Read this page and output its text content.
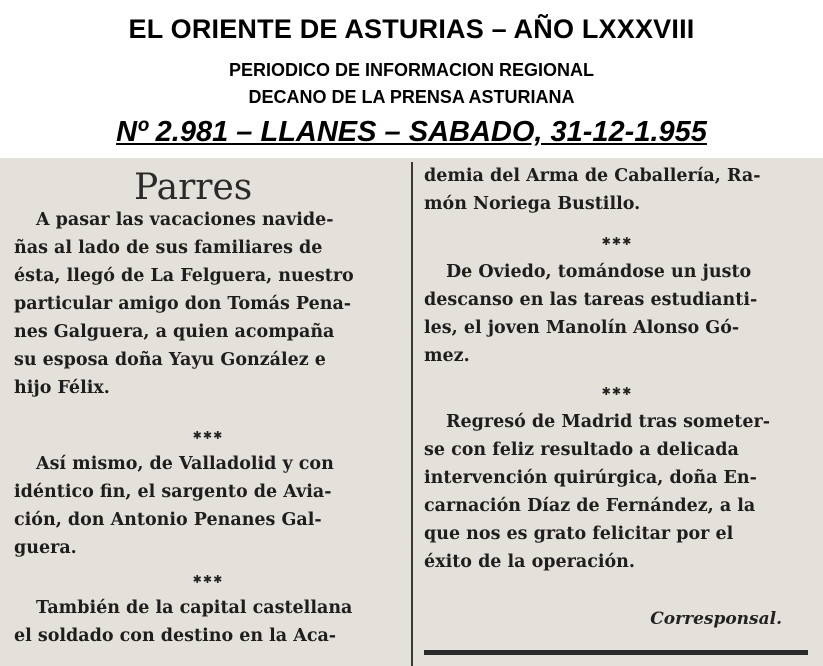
EL ORIENTE DE ASTURIAS – AÑO LXXXVIII
PERIODICO DE INFORMACION REGIONAL
DECANO DE LA PRENSA ASTURIANA
Nº 2.981 – LLANES – SABADO, 31-12-1.955
Parres
A pasar las vacaciones navide-
ñas al lado de sus familiares de
ésta, llegó de La Felguera, nuestro
particular amigo don Tomás Pena-
nes Galguera, a quien acompaña
su esposa doña Yayu González e
hijo Félix.
✱✱✱
Así mismo, de Valladolid y con
idéntico fin, el sargento de Avia-
ción, don Antonio Penanes Gal-
guera.
✱✱✱
También de la capital castellana
el soldado con destino en la Aca-
demia del Arma de Caballería, Ra-
món Noriega Bustillo.
✱✱✱
De Oviedo, tomándose un justo
descanso en las tareas estudianti-
les, el joven Manolín Alonso Gó-
mez.
✱✱✱
Regresó de Madrid tras someter-
se con feliz resultado a delicada
intervención quirúrgica, doña En-
carnación Díaz de Fernández, a la
que nos es grato felicitar por el
éxito de la operación.
Corresponsal.
